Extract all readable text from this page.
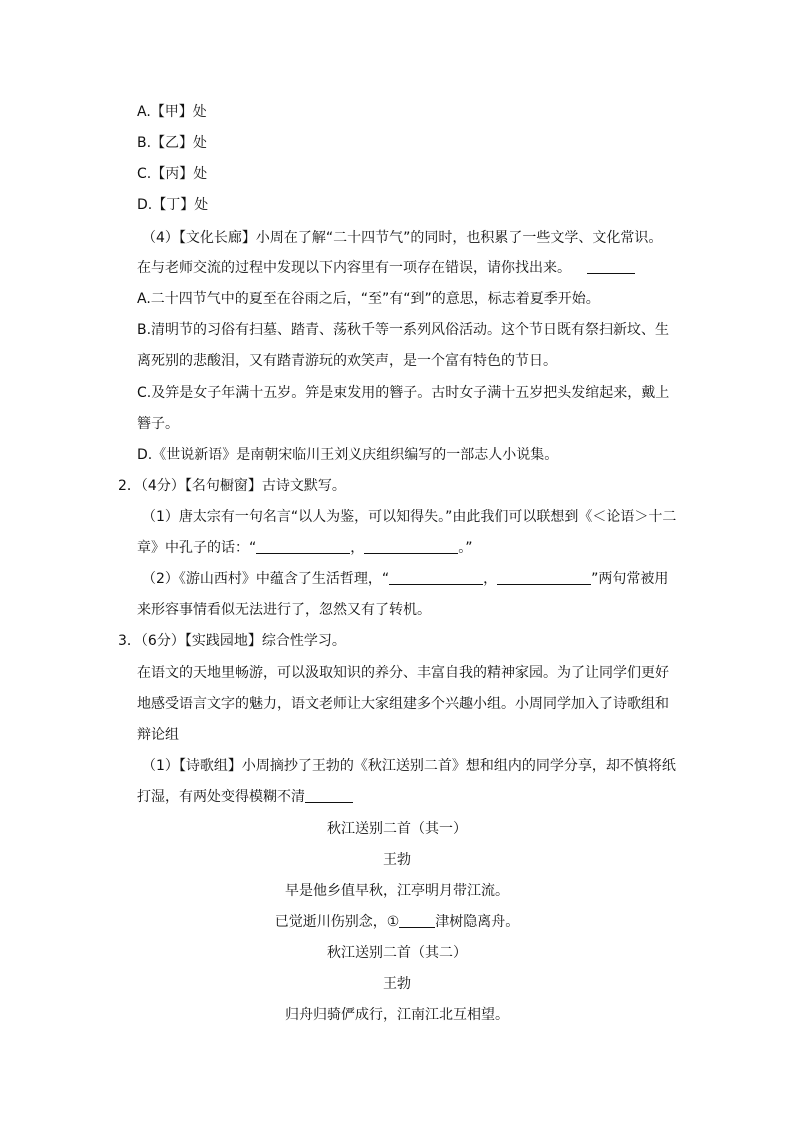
A.【甲】处
B.【乙】处
C.【丙】处
D.【丁】处
（4）【文化长廊】小周在了解“二十四节气”的同时，也积累了一些文学、文化常识。
在与老师交流的过程中发现以下内容里有一项存在错误，请你找出来。
A.二十四节气中的夏至在谷雨之后，“至”有“到”的意思，标志着夏季开始。
B.清明节的习俗有扫墓、踏青、荡秋千等一系列风俗活动。这个节日既有祭扫新坟、生
离死别的悲酸泪，又有踏青游玩的欢笑声，是一个富有特色的节日。
C.及笄是女子年满十五岁。笄是束发用的簪子。古时女子满十五岁把头发绾起来，戴上
簪子。
D.《世说新语》是南朝宋临川王刘义庆组织编写的一部志人小说集。
2．（4分）【名句橱窗】古诗文默写。
（1）唐太宗有一句名言“以人为鉴，可以知得失。”由此我们可以联想到《＜论语＞十二
章》中孔子的话：“	，	。”
（2）《游山西村》中蕴含了生活哲理，“	，	”两句常被用
来形容事情看似无法进行了，忽然又有了转机。
3．（6分）【实践园地】综合性学习。
在语文的天地里畅游，可以汲取知识的养分、丰富自我的精神家园。为了让同学们更好
地感受语言文字的魅力，语文老师让大家组建多个兴趣小组。小周同学加入了诗歌组和
辩论组
（1）【诗歌组】小周摘抄了王勃的《秋江送别二首》想和组内的同学分享，却不慎将纸
打湿，有两处变得模糊不清
秋江送别二首（其一）
王勃
早是他乡值早秋，江亭明月带江流。
已觉逝川伤别念，①	津树隐离舟。
秋江送别二首（其二）
王勃
归舟归骑俨成行，江南江北互相望。
